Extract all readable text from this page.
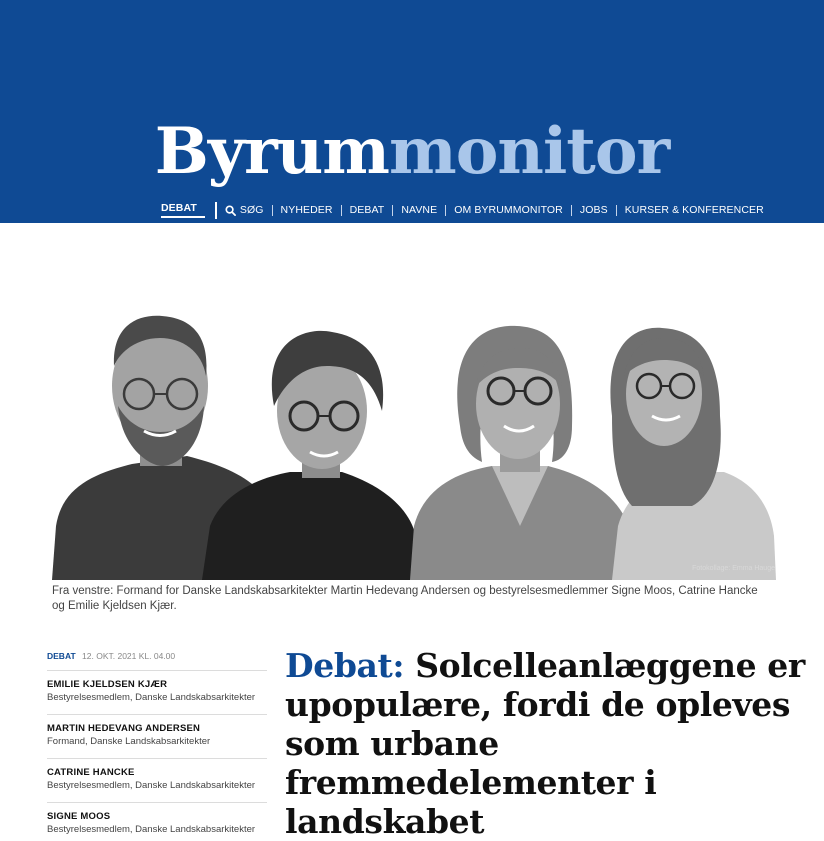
Byrummonitor
DEBAT	SØG	NYHEDER	DEBAT	NAVNE	OM BYRUMMONITOR	JOBS	KURSER & KONFERENCER
Fotokollage: Emma Hauge
Fra venstre: Formand for Danske Landskabsarkitekter Martin Hedevang Andersen og bestyrelsesmedlemmer Signe Moos, Catrine Hancke og Emilie Kjeldsen Kjær.
DEBAT 12. OKT. 2021 KL. 04.00
EMILIE KJELDSEN KJÆR
Bestyrelsesmedlem, Danske Landskabsarkitekter
MARTIN HEDEVANG ANDERSEN
Formand, Danske Landskabsarkitekter
CATRINE HANCKE
Bestyrelsesmedlem, Danske Landskabsarkitekter
SIGNE MOOS
Bestyrelsesmedlem, Danske Landskabsarkitekter
Debat: Solcelleanlæggene er upopulære, fordi de opleves som urbane fremmedelementer i landskabet
